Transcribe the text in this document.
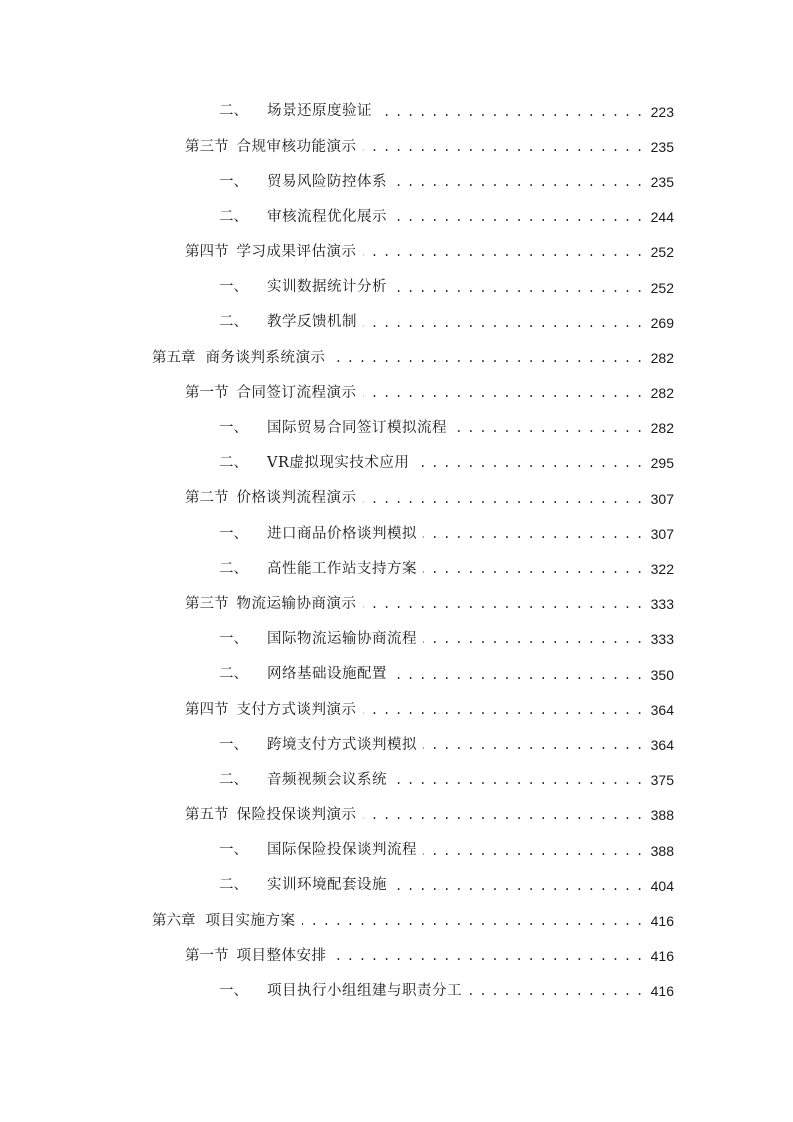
二、 场景还原度验证 . . .	223
第三节 合规审核功能演示 . . .	235
一、 贸易风险防控体系 . . .	235
二、 审核流程优化展示 . . .	244
第四节 学习成果评估演示 . . .	252
一、 实训数据统计分析 . . .	252
二、 教学反馈机制 . . .	269
第五章 商务谈判系统演示 . . .	282
第一节 合同签订流程演示 . . .	282
一、 国际贸易合同签订模拟流程 . . .	282
二、 VR虚拟现实技术应用 . . .	295
第二节 价格谈判流程演示 . . .	307
一、 进口商品价格谈判模拟 . . .	307
二、 高性能工作站支持方案 . . .	322
第三节 物流运输协商演示 . . .	333
一、 国际物流运输协商流程 . . .	333
二、 网络基础设施配置 . . .	350
第四节 支付方式谈判演示 . . .	364
一、 跨境支付方式谈判模拟 . . .	364
二、 音频视频会议系统 . . .	375
第五节 保险投保谈判演示 . . .	388
一、 国际保险投保谈判流程 . . .	388
二、 实训环境配套设施 . . .	404
第六章 项目实施方案 . . .	416
第一节 项目整体安排 . . .	416
一、 项目执行小组组建与职责分工 . . .	416
